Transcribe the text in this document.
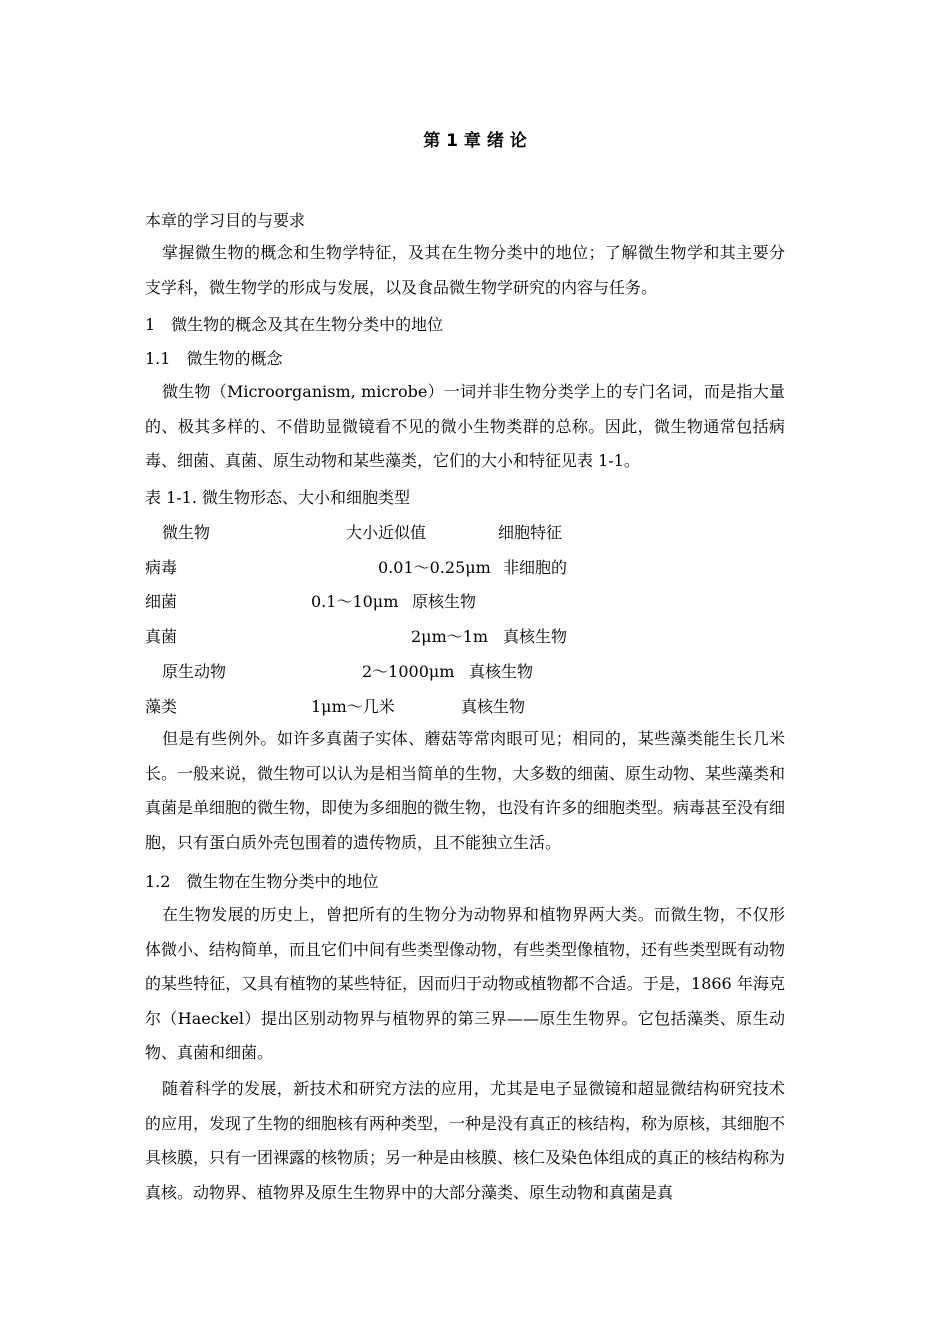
第 1 章 绪 论
本章的学习目的与要求
掌握微生物的概念和生物学特征，及其在生物分类中的地位；了解微生物学和其主要分支学科，微生物学的形成与发展，以及食品微生物学研究的内容与任务。
1　微生物的概念及其在生物分类中的地位
1.1　微生物的概念
微生物（Microorganism, microbe）一词并非生物分类学上的专门名词，而是指大量的、极其多样的、不借助显微镜看不见的微小生物类群的总称。因此，微生物通常包括病毒、细菌、真菌、原生动物和某些藻类，它们的大小和特征见表 1-1。
表 1-1. 微生物形态、大小和细胞类型
微生物	大小近似值	细胞特征
病毒	0.01～0.25μm 非细胞的
细菌	0.1～10μm 原核生物
真菌	2μm～1m 真核生物
原生动物	2～1000μm 真核生物
藻类	1μm～几米	真核生物
但是有些例外。如许多真菌子实体、蘑菇等常肉眼可见；相同的，某些藻类能生长几米长。一般来说，微生物可以认为是相当简单的生物，大多数的细菌、原生动物、某些藻类和真菌是单细胞的微生物，即使为多细胞的微生物，也没有许多的细胞类型。病毒甚至没有细胞，只有蛋白质外壳包围着的遗传物质，且不能独立生活。
1.2　微生物在生物分类中的地位
在生物发展的历史上，曾把所有的生物分为动物界和植物界两大类。而微生物，不仅形体微小、结构简单，而且它们中间有些类型像动物，有些类型像植物，还有些类型既有动物的某些特征，又具有植物的某些特征，因而归于动物或植物都不合适。于是，1866 年海克尔（Haeckel）提出区别动物界与植物界的第三界——原生生物界。它包括藻类、原生动物、真菌和细菌。
随着科学的发展，新技术和研究方法的应用，尤其是电子显微镜和超显微结构研究技术的应用，发现了生物的细胞核有两种类型，一种是没有真正的核结构，称为原核，其细胞不具核膜，只有一团裸露的核物质；另一种是由核膜、核仁及染色体组成的真正的核结构称为真核。动物界、植物界及原生生物界中的大部分藻类、原生动物和真菌是真
